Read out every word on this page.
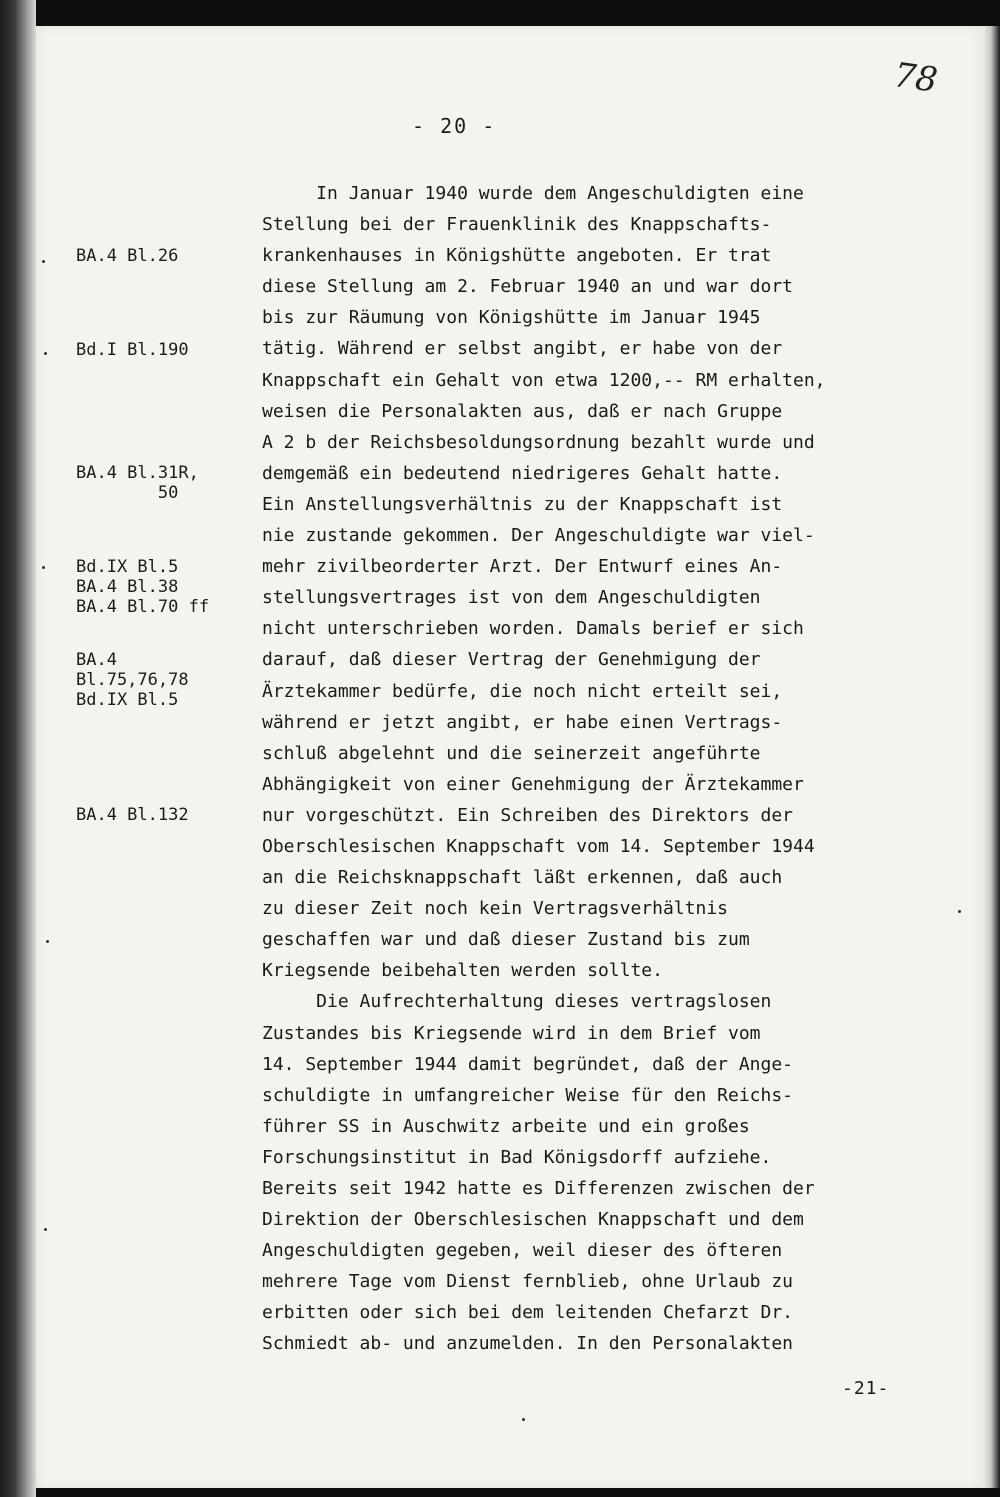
78
- 20 -
BA.4 Bl.26
Bd.I Bl.190
BA.4 Bl.31R,
50
Bd.IX Bl.5
BA.4 Bl.38
BA.4 Bl.70 ff
BA.4
Bl.75,76,78
Bd.IX Bl.5
BA.4 Bl.132
In Januar 1940 wurde dem Angeschuldigten eine
Stellung bei der Frauenklinik des Knappschafts-
krankenhauses in Königshütte angeboten. Er trat
diese Stellung am 2. Februar 1940 an und war dort
bis zur Räumung von Königshütte im Januar 1945
tätig. Während er selbst angibt, er habe von der
Knappschaft ein Gehalt von etwa 1200,-- RM erhalten,
weisen die Personalakten aus, daß er nach Gruppe
A 2 b der Reichsbesoldungsordnung bezahlt wurde und
demgemäß ein bedeutend niedrigeres Gehalt hatte.
Ein Anstellungsverhältnis zu der Knappschaft ist
nie zustande gekommen. Der Angeschuldigte war viel-
mehr zivilbeorderter Arzt. Der Entwurf eines An-
stellungsvertrages ist von dem Angeschuldigten
nicht unterschrieben worden. Damals berief er sich
darauf, daß dieser Vertrag der Genehmigung der
Ärztekammer bedürfe, die noch nicht erteilt sei,
während er jetzt angibt, er habe einen Vertrags-
schluß abgelehnt und die seinerzeit angeführte
Abhängigkeit von einer Genehmigung der Ärztekammer
nur vorgeschützt. Ein Schreiben des Direktors der
Oberschlesischen Knappschaft vom 14. September 1944
an die Reichsknappschaft läßt erkennen, daß auch
zu dieser Zeit noch kein Vertragsverhältnis
geschaffen war und daß dieser Zustand bis zum
Kriegsende beibehalten werden sollte.
Die Aufrechterhaltung dieses vertragslosen
Zustandes bis Kriegsende wird in dem Brief vom
14. September 1944 damit begründet, daß der Ange-
schuldigte in umfangreicher Weise für den Reichs-
führer SS in Auschwitz arbeite und ein großes
Forschungsinstitut in Bad Königsdorff aufziehe.
Bereits seit 1942 hatte es Differenzen zwischen der
Direktion der Oberschlesischen Knappschaft und dem
Angeschuldigten gegeben, weil dieser des öfteren
mehrere Tage vom Dienst fernblieb, ohne Urlaub zu
erbitten oder sich bei dem leitenden Chefarzt Dr.
Schmiedt ab- und anzumelden. In den Personalakten
-21-
